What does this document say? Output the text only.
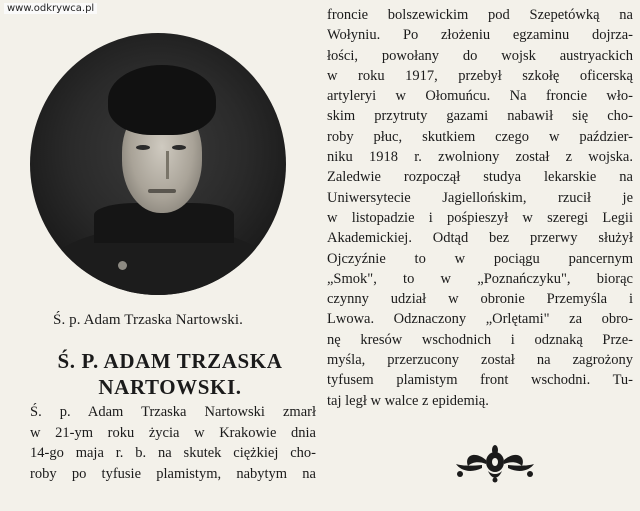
www.odkrywca.pl
Ś. p. Adam Trzaska Nartowski.
Ś. P. ADAM TRZASKA
NARTOWSKI.
Ś. p. Adam Trzaska Nartowski zmarł
w 21-ym roku życia w Krakowie dnia
14-go maja r. b. na skutek ciężkiej cho-
roby po tyfusie plamistym, nabytym na
froncie bolszewickim pod Szepetówką na
Wołyniu. Po złożeniu egzaminu dojrza-
łości, powołany do wojsk austryackich
w roku 1917, przebył szkołę oficerską
artyleryi w Ołomuńcu. Na froncie wło-
skim przytruty gazami nabawił się cho-
roby płuc, skutkiem czego w paździer-
niku 1918 r. zwolniony został z wojska.
Zaledwie rozpoczął studya lekarskie na
Uniwersytecie Jagiellońskim, rzucił je
w listopadzie i pośpieszył w szeregi Legii
Akademickiej. Odtąd bez przerwy służył
Ojczyźnie to w pociągu pancernym
„Smok", to w „Poznańczyku", biorąc
czynny udział w obronie Przemyśla i
Lwowa. Odznaczony „Orlętami" za obro-
nę kresów wschodnich i odznaką Prze-
myśla, przerzucony został na zagrożony
tyfusem plamistym front wschodni. Tu-
taj legł w walce z epidemią.
